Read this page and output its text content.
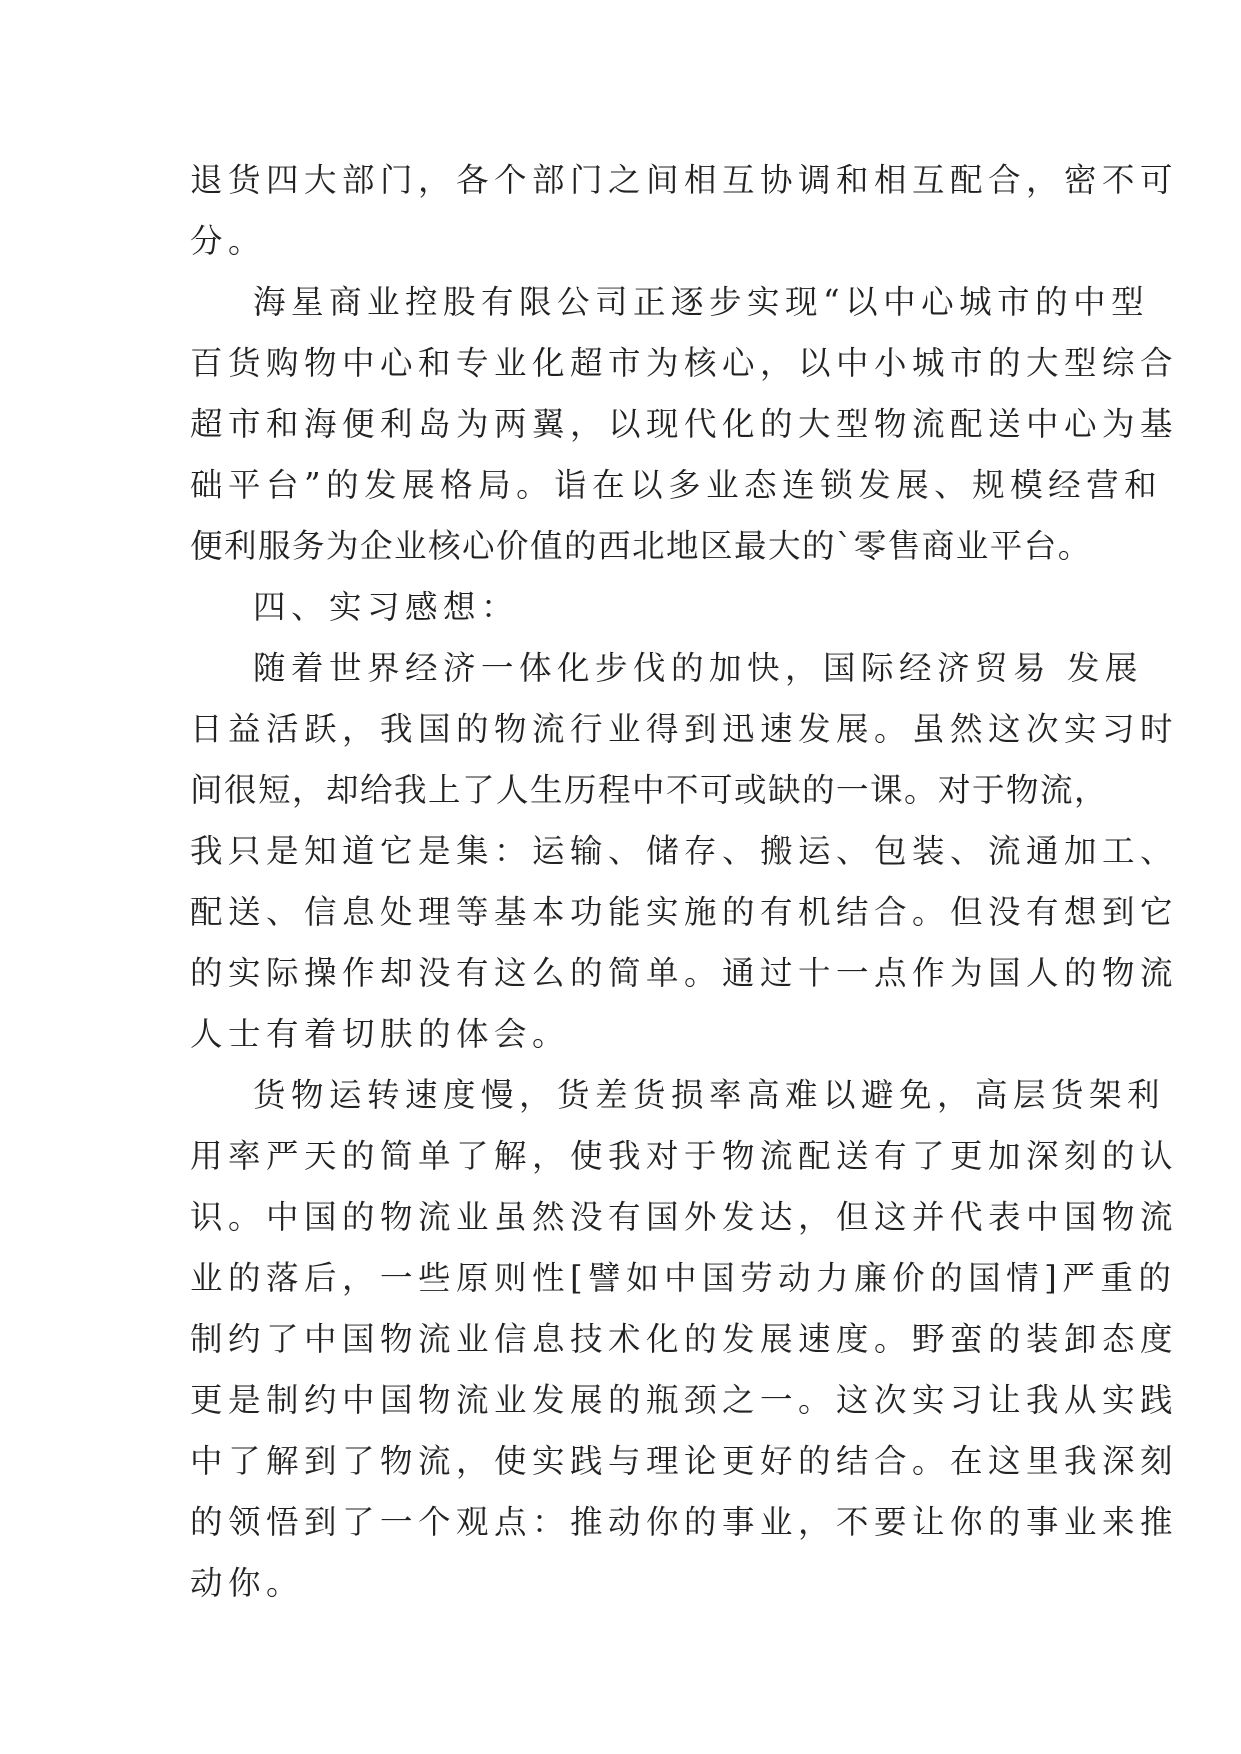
退货四大部门，各个部门之间相互协调和相互配合，密不可
分。
海星商业控股有限公司正逐步实现“以中心城市的中型
百货购物中心和专业化超市为核心，以中小城市的大型综合
超市和海便利岛为两翼，以现代化的大型物流配送中心为基
础平台”的发展格局。诣在以多业态连锁发展、规模经营和
便利服务为企业核心价值的西北地区最大的`零售商业平台。
四、实习感想：
随着世界经济一体化步伐的加快，国际经济贸易 发展
日益活跃，我国的物流行业得到迅速发展。虽然这次实习时
间很短，却给我上了人生历程中不可或缺的一课。对于物流，
我只是知道它是集：运输、储存、搬运、包装、流通加工、
配送、信息处理等基本功能实施的有机结合。但没有想到它
的实际操作却没有这么的简单。通过十一点作为国人的物流
人士有着切肤的体会。
货物运转速度慢，货差货损率高难以避免，高层货架利
用率严天的简单了解，使我对于物流配送有了更加深刻的认
识。中国的物流业虽然没有国外发达，但这并代表中国物流
业的落后，一些原则性[譬如中国劳动力廉价的国情]严重的
制约了中国物流业信息技术化的发展速度。野蛮的装卸态度
更是制约中国物流业发展的瓶颈之一。这次实习让我从实践
中了解到了物流，使实践与理论更好的结合。在这里我深刻
的领悟到了一个观点：推动你的事业，不要让你的事业来推
动你。
